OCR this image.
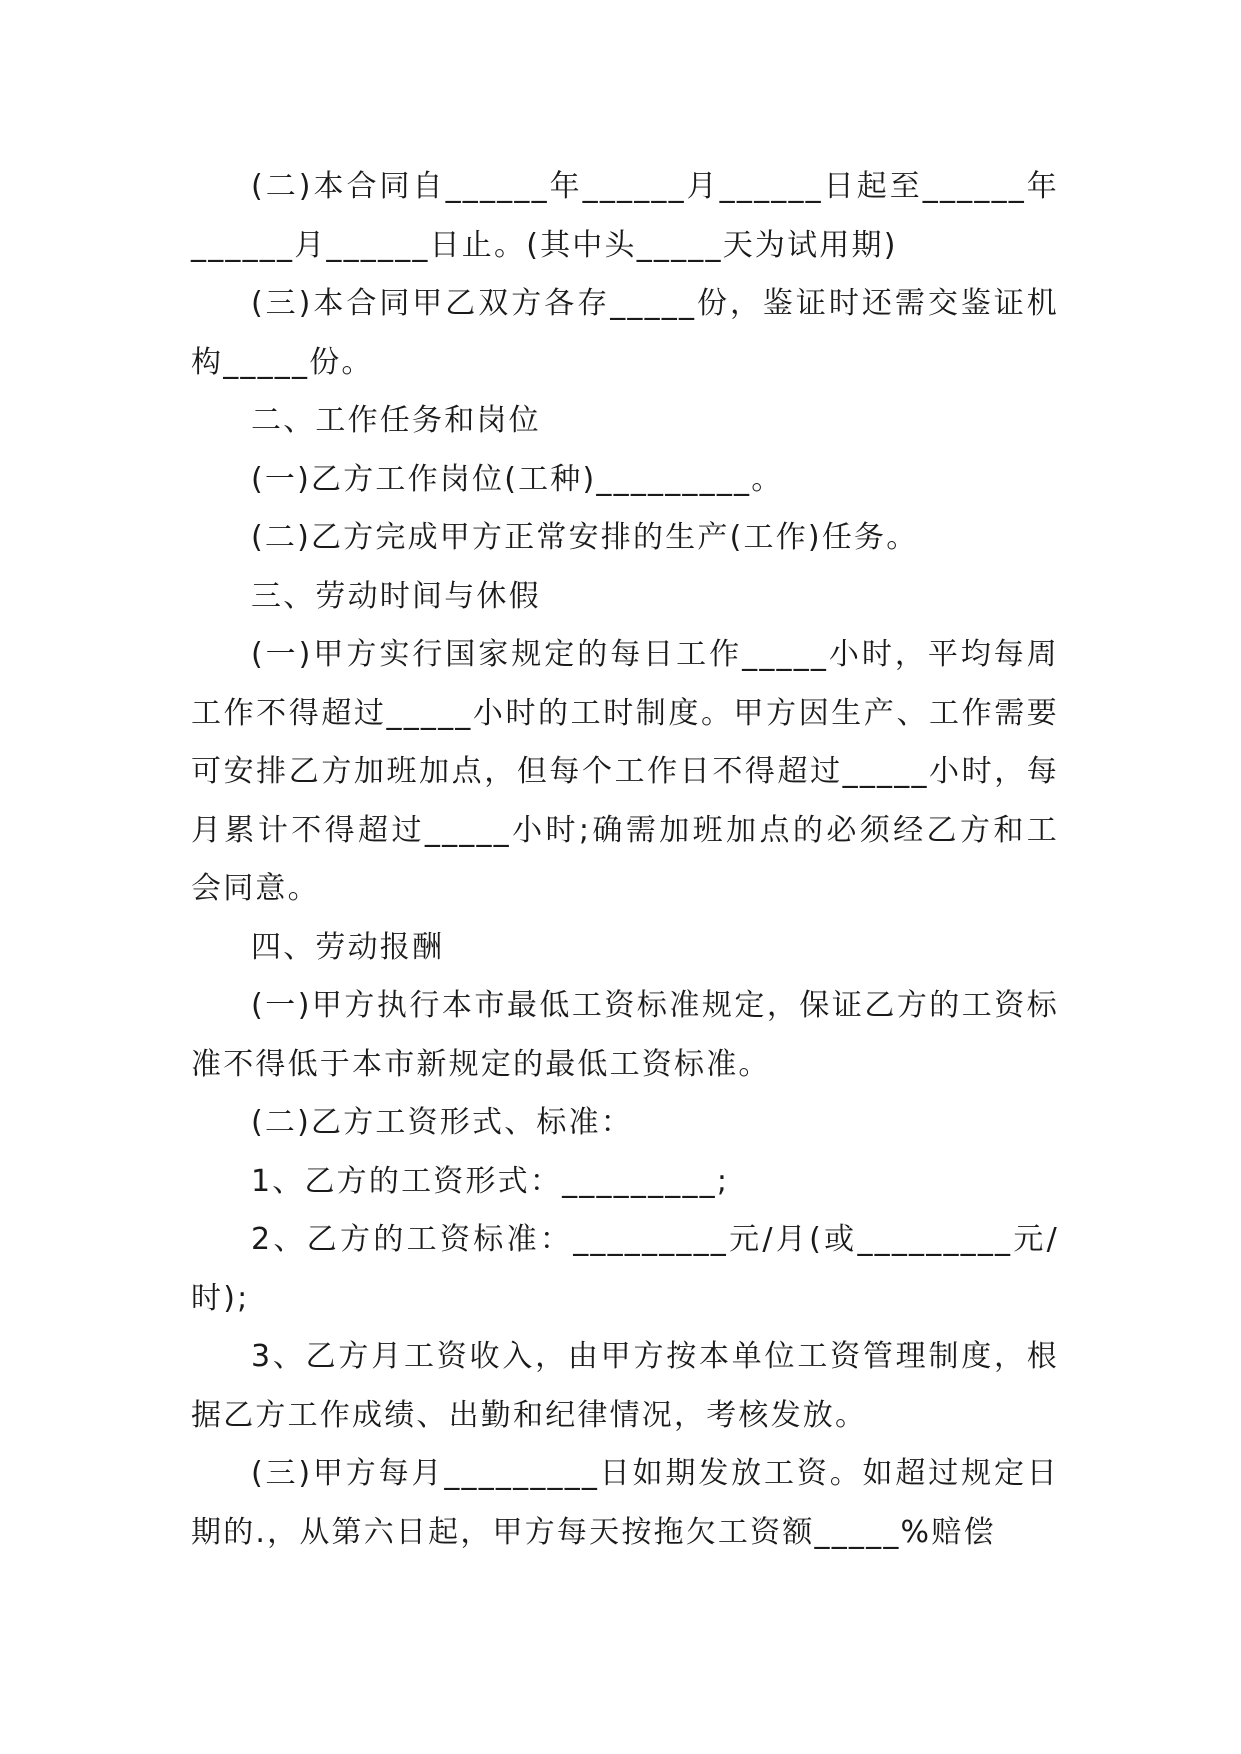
(二)本合同自______年______月______日起至______年______月______日止。(其中头_____天为试用期)

(三)本合同甲乙双方各存_____份，鉴证时还需交鉴证机构_____份。

二、工作任务和岗位

(一)乙方工作岗位(工种)_________。

(二)乙方完成甲方正常安排的生产(工作)任务。

三、劳动时间与休假

(一)甲方实行国家规定的每日工作_____小时，平均每周工作不得超过_____小时的工时制度。甲方因生产、工作需要可安排乙方加班加点，但每个工作日不得超过_____小时，每月累计不得超过_____小时;确需加班加点的必须经乙方和工会同意。

四、劳动报酬

(一)甲方执行本市最低工资标准规定，保证乙方的工资标准不得低于本市新规定的最低工资标准。

(二)乙方工资形式、标准：

1、乙方的工资形式：_________;

2、乙方的工资标准：_________元/月(或_________元/时);

3、乙方月工资收入，由甲方按本单位工资管理制度，根据乙方工作成绩、出勤和纪律情况，考核发放。

(三)甲方每月_________日如期发放工资。如超过规定日期的.，从第六日起，甲方每天按拖欠工资额_____%赔偿
